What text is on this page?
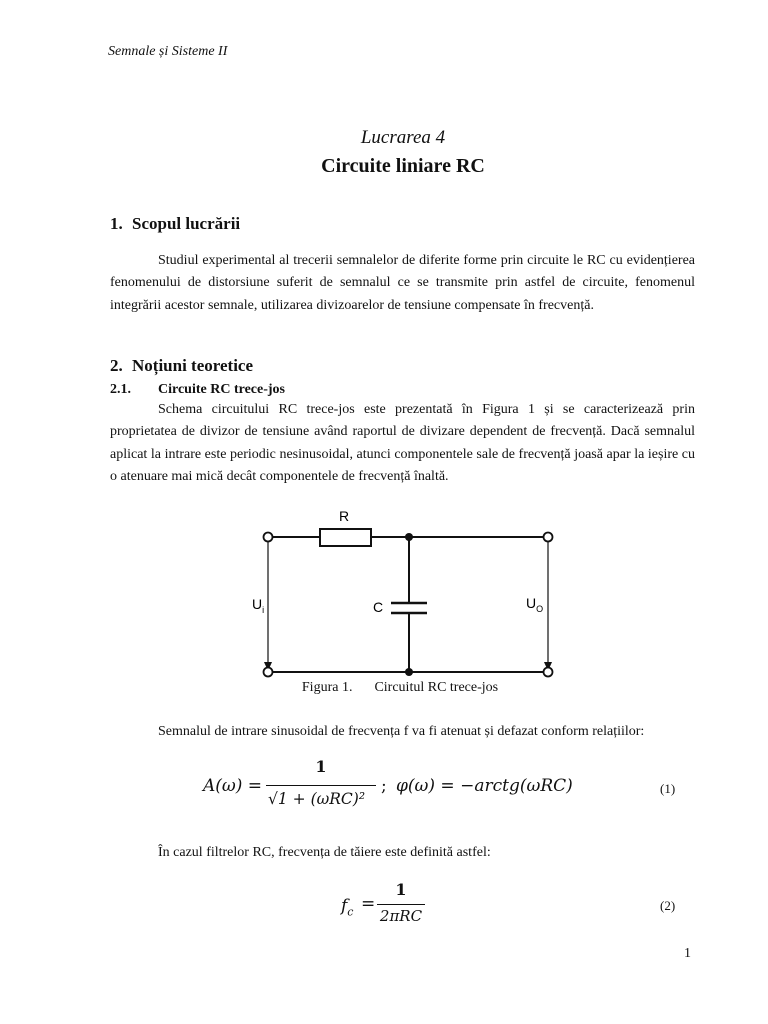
Semnale și Sisteme II
Lucrarea 4
Circuite liniare RC
1. Scopul lucrării
Studiul experimental al trecerii semnalelor de diferite forme prin circuite le RC cu evidențierea fenomenului de distorsiune suferit de semnalul ce se transmite prin astfel de circuite, fenomenul integrării acestor semnale, utilizarea divizoarelor de tensiune compensate în frecvență.
2. Noțiuni teoretice
2.1. Circuite RC trece-jos
Schema circuitului RC trece-jos este prezentată în Figura 1 și se caracterizează prin proprietatea de divizor de tensiune având raportul de divizare dependent de frecvență. Dacă semnalul aplicat la intrare este periodic nesinusoidal, atunci componentele sale de frecvență joasă apar la ieșire cu o atenuare mai mică decât componentele de frecvență înaltă.
R
C
$U_i$	$U_O$
Figura 1. Circuitul RC trece-jos
Semnalul de intrare sinusoidal de frecvența f va fi atenuat și defazat conform relațiilor:
A(ω) =
1
√1 + (ωRC)²
; φ(ω) = −arctg(ωRC)	(1)
În cazul filtrelor RC, frecvența de tăiere este definită astfel:
$f_c$ =
1
2πRC
(2)
1
